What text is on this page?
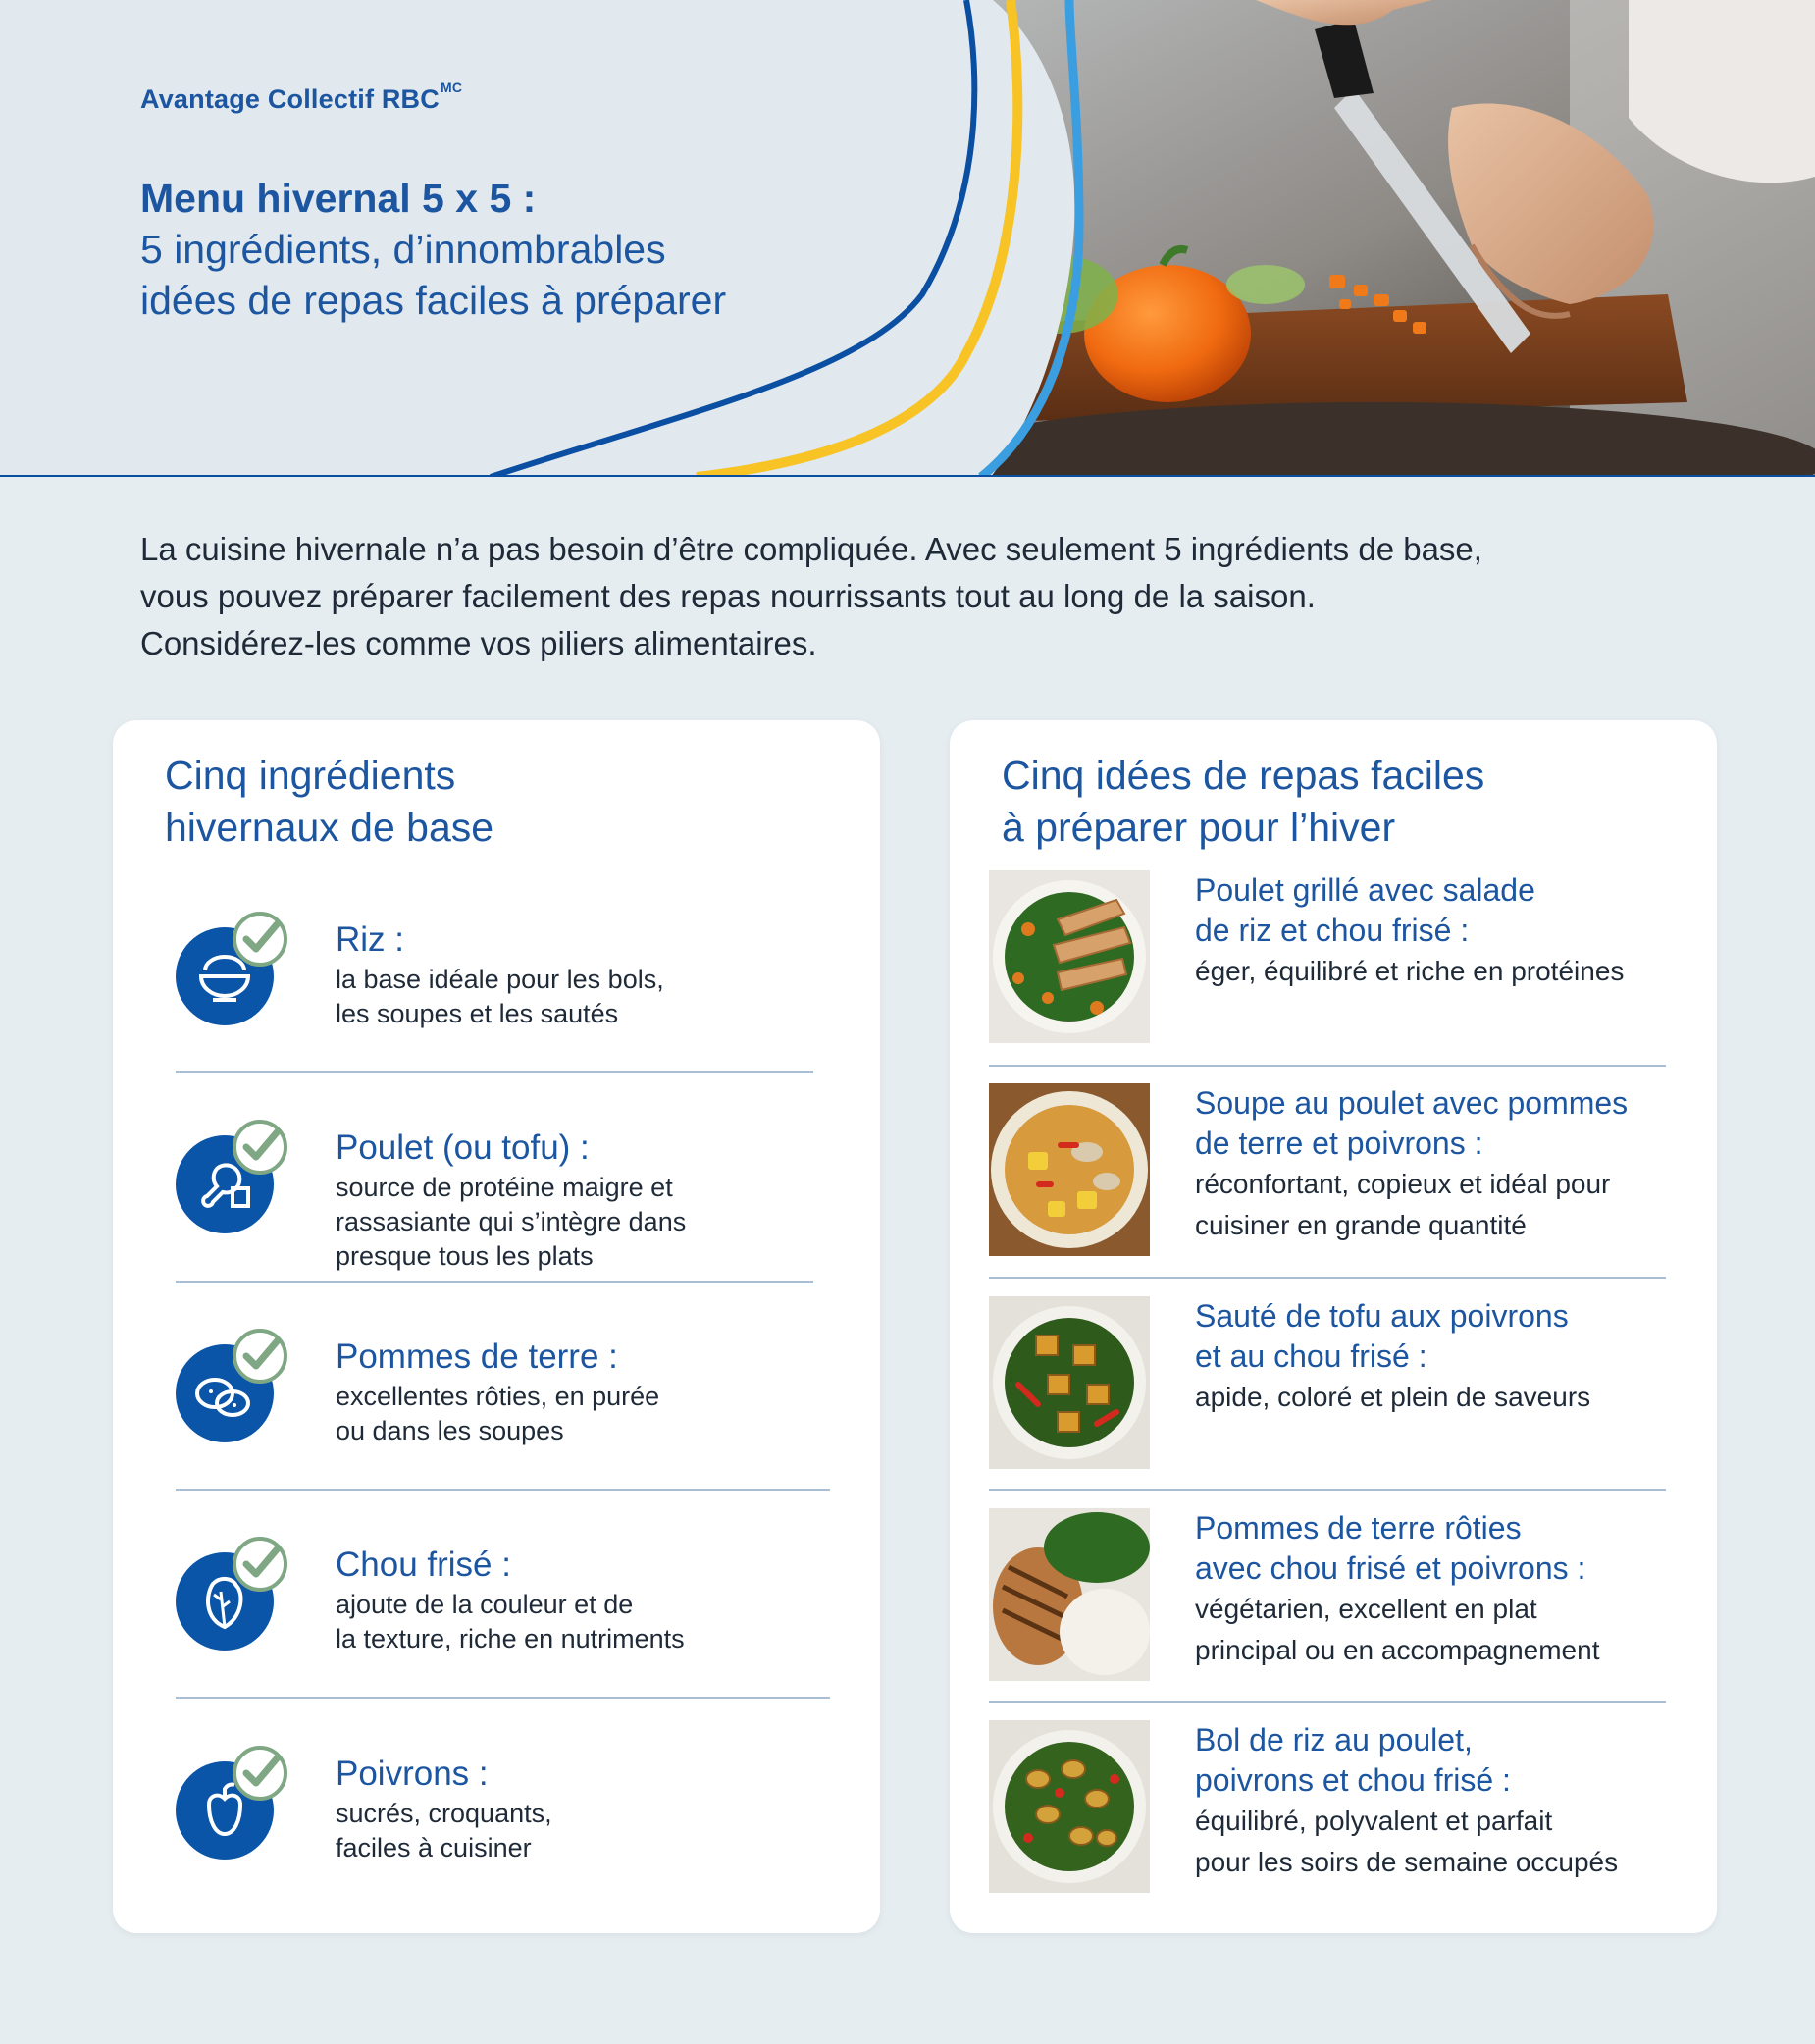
Avantage Collectif $RBC^{MC}$
Menu hivernal 5 x 5 :
5 ingrédients, d’innombrables
idées de repas faciles à préparer
La cuisine hivernale n’a pas besoin d’être compliquée. Avec seulement 5 ingrédients de base,
vous pouvez préparer facilement des repas nourrissants tout au long de la saison.
Considérez-les comme vos piliers alimentaires.
Cinq ingrédients
hivernaux de base
Riz :
la base idéale pour les bols,
les soupes et les sautés
Poulet (ou tofu) :
source de protéine maigre et
rassasiante qui s’intègre dans
presque tous les plats
Pommes de terre :
excellentes rôties, en purée
ou dans les soupes
Chou frisé :
ajoute de la couleur et de
la texture, riche en nutriments
Poivrons :
sucrés, croquants,
faciles à cuisiner
Cinq idées de repas faciles
à préparer pour l’hiver
Poulet grillé avec salade
de riz et chou frisé :
éger, équilibré et riche en protéines
Soupe au poulet avec pommes
de terre et poivrons :
réconfortant, copieux et idéal pour
cuisiner en grande quantité
Sauté de tofu aux poivrons
et au chou frisé :
apide, coloré et plein de saveurs
Pommes de terre rôties
avec chou frisé et poivrons :
végétarien, excellent en plat
principal ou en accompagnement
Bol de riz au poulet,
poivrons et chou frisé :
équilibré, polyvalent et parfait
pour les soirs de semaine occupés
